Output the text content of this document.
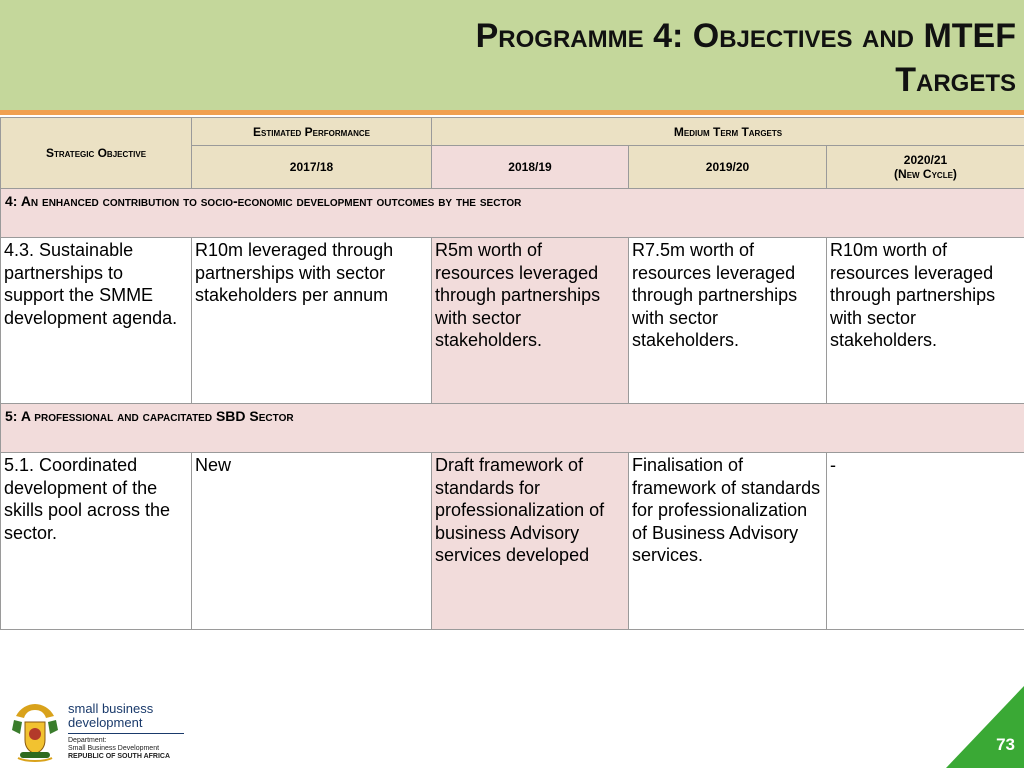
Programme 4: Objectives and MTEF
Targets
Strategic Objective	Estimated Performance	Medium Term Targets		
	2017/18	2018/19	2019/20	2020/21
(New Cycle)

4: An enhanced contribution to socio-economic development outcomes by the sector				
4.3. Sustainable partnerships to support the SMME development agenda.	R10m leveraged through partnerships with sector stakeholders per annum	R5m worth of resources leveraged through partnerships with sector stakeholders.	R7.5m worth of resources leveraged through partnerships with sector stakeholders.	R10m worth of resources leveraged through partnerships with sector stakeholders.
5: A professional and capacitated SBD Sector				
5.1. Coordinated development of the skills pool across the sector.	New	Draft framework of standards for professionalization of business Advisory services developed	Finalisation of framework of standards for professionalization of Business Advisory services.	-
small business
development
Department:
Small Business Development
REPUBLIC OF SOUTH AFRICA
73
